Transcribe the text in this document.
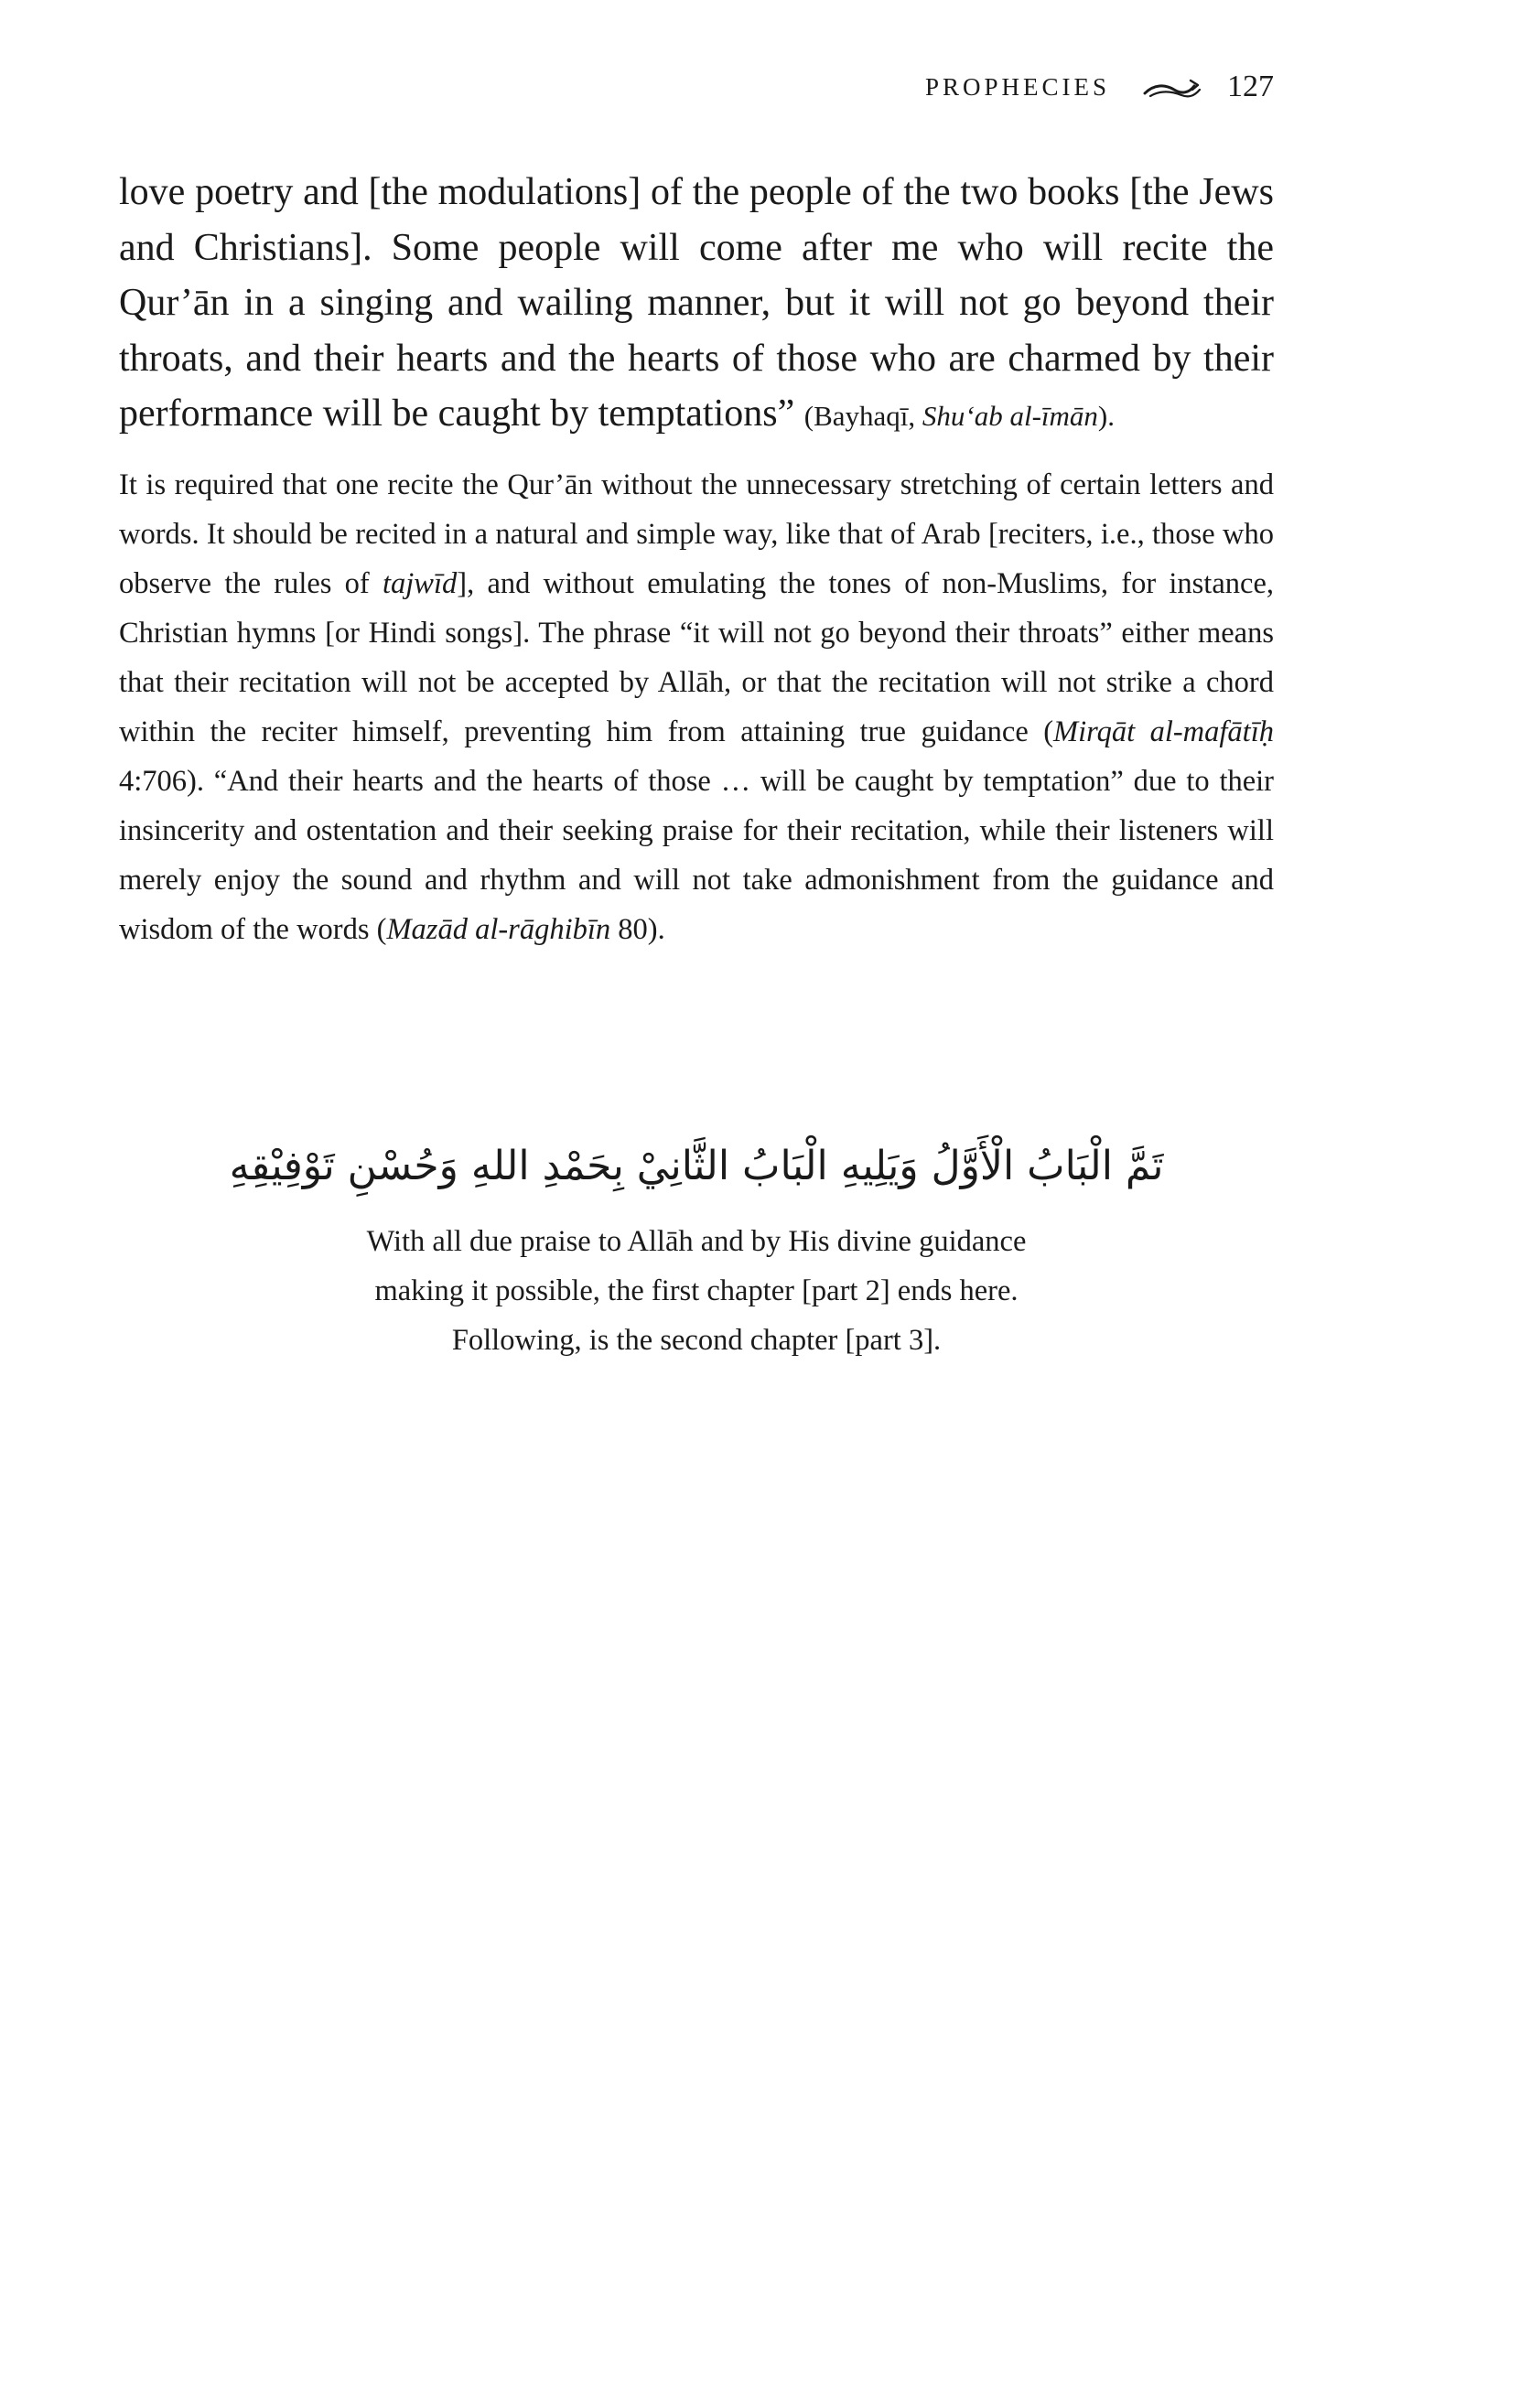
PROPHECIES	127
love poetry and [the modulations] of the people of the two books [the Jews and Christians]. Some people will come after me who will recite the Qur’ān in a singing and wailing manner, but it will not go beyond their throats, and their hearts and the hearts of those who are charmed by their performance will be caught by temptations” (Bayhaqī, Shu‘ab al-īmān).
It is required that one recite the Qur’ān without the unnecessary stretching of certain letters and words. It should be recited in a natural and simple way, like that of Arab [reciters, i.e., those who observe the rules of tajwīd], and without emulating the tones of non-Muslims, for instance, Christian hymns [or Hindi songs]. The phrase “it will not go beyond their throats” either means that their recitation will not be accepted by Allāh, or that the recitation will not strike a chord within the reciter himself, preventing him from attaining true guidance (Mirqāt al-mafātīḥ 4:706). “And their hearts and the hearts of those … will be caught by temptation” due to their insincerity and ostentation and their seeking praise for their recitation, while their listeners will merely enjoy the sound and rhythm and will not take admonishment from the guidance and wisdom of the words (Mazād al-rāghibīn 80).
تَمَّ الْبَابُ الْأَوَّلُ وَيَلِيهِ الْبَابُ الثَّانِيْ بِحَمْدِ اللهِ وَحُسْنِ تَوْفِيْقِهِ
With all due praise to Allāh and by His divine guidance
making it possible, the first chapter [part 2] ends here.
Following, is the second chapter [part 3].
